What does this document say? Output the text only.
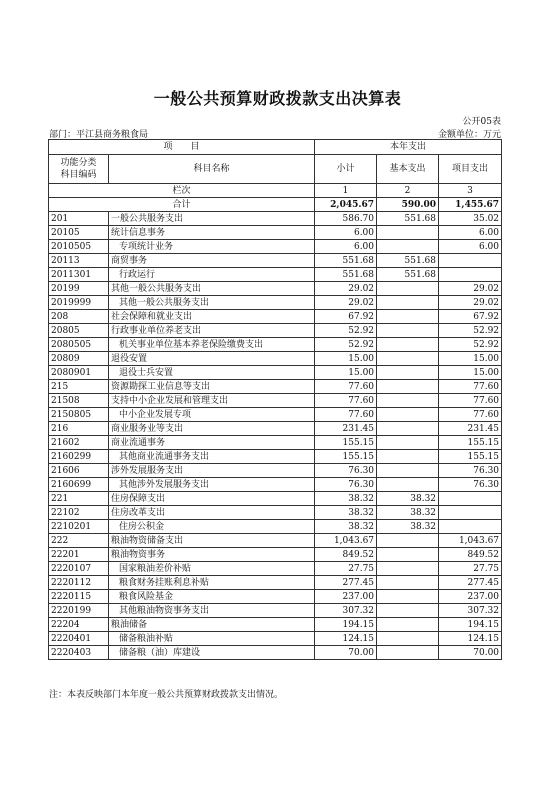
一般公共预算财政拨款支出决算表
公开05表
部门：平江县商务粮食局	金额单位：万元
项　　目		本年支出		
功能分类
科目编码	科目名称	小计	基本支出	项目支出
栏次		1	2	3
合计		2,045.67	590.00	1,455.67
201	一般公共服务支出	586.70	551.68	35.02
20105	统计信息事务	6.00		6.00
2010505	专项统计业务	6.00		6.00
20113	商贸事务	551.68	551.68	
2011301	行政运行	551.68	551.68	
20199	其他一般公共服务支出	29.02		29.02
2019999	其他一般公共服务支出	29.02		29.02
208	社会保障和就业支出	67.92		67.92
20805	行政事业单位养老支出	52.92		52.92
2080505	机关事业单位基本养老保险缴费支出	52.92		52.92
20809	退役安置	15.00		15.00
2080901	退役士兵安置	15.00		15.00
215	资源勘探工业信息等支出	77.60		77.60
21508	支持中小企业发展和管理支出	77.60		77.60
2150805	中小企业发展专项	77.60		77.60
216	商业服务业等支出	231.45		231.45
21602	商业流通事务	155.15		155.15
2160299	其他商业流通事务支出	155.15		155.15
21606	涉外发展服务支出	76.30		76.30
2160699	其他涉外发展服务支出	76.30		76.30
221	住房保障支出	38.32	38.32	
22102	住房改革支出	38.32	38.32	
2210201	住房公积金	38.32	38.32	
222	粮油物资储备支出	1,043.67		1,043.67
22201	粮油物资事务	849.52		849.52
2220107	国家粮油差价补贴	27.75		27.75
2220112	粮食财务挂账利息补贴	277.45		277.45
2220115	粮食风险基金	237.00		237.00
2220199	其他粮油物资事务支出	307.32		307.32
22204	粮油储备	194.15		194.15
2220401	储备粮油补贴	124.15		124.15
2220403	储备粮（油）库建设	70.00		70.00
注：本表反映部门本年度一般公共预算财政拨款支出情况。
